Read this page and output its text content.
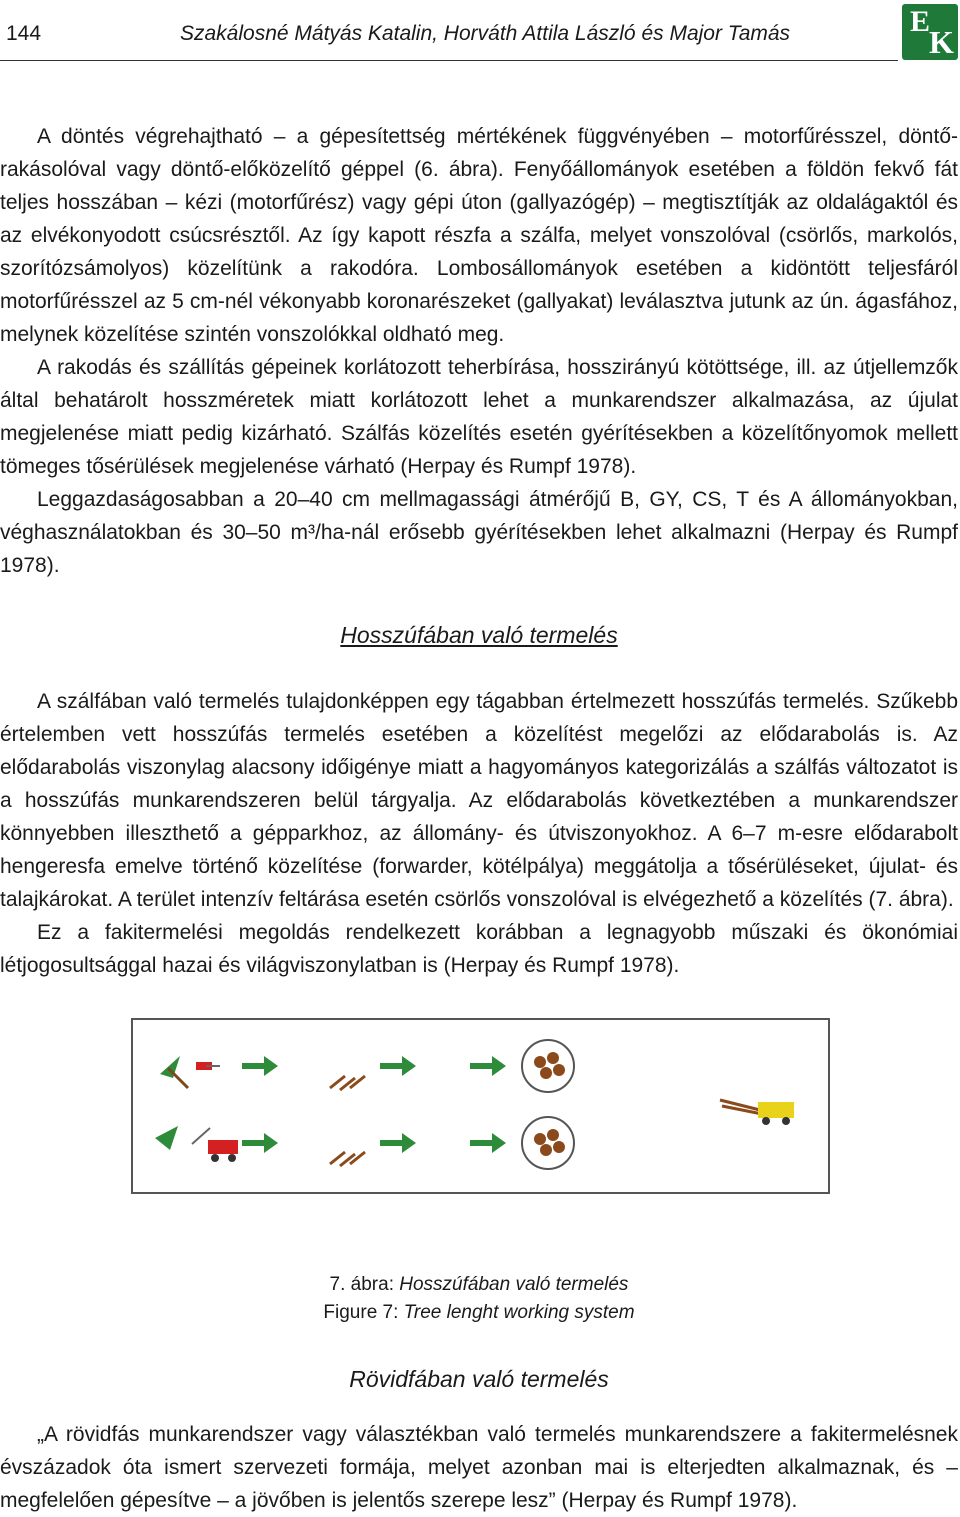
144	Szakálosné Mátyás Katalin, Horváth Attila László és Major Tamás	E
K

A döntés végrehajtható – a gépesítettség mértékének függvényében – motorfűrésszel, döntő-rakásolóval vagy döntő-előközelítő géppel (6. ábra). Fenyőállományok esetében a földön fekvő fát teljes hosszában – kézi (motorfűrész) vagy gépi úton (gallyazógép) – megtisztítják az oldalágaktól és az elvékonyodott csúcsrésztől. Az így kapott részfa a szálfa, melyet vonszolóval (csörlős, markolós, szorítózsámolyos) közelítünk a rakodóra. Lombosállományok esetében a kidöntött teljesfáról motorfűrésszel az 5 cm-nél vékonyabb koronarészeket (gallyakat) leválasztva jutunk az ún. ágasfához, melynek közelítése szintén vonszolókkal oldható meg.

A rakodás és szállítás gépeinek korlátozott teherbírása, hosszirányú kötöttsége, ill. az útjellemzők által behatárolt hosszméretek miatt korlátozott lehet a munkarendszer alkalmazása, az újulat megjelenése miatt pedig kizárható. Szálfás közelítés esetén gyérítésekben a közelítőnyomok mellett tömeges tősérülések megjelenése várható (Herpay és Rumpf 1978).

Leggazdaságosabban a 20–40 cm mellmagassági átmérőjű B, GY, CS, T és A állományokban, véghasználatokban és 30–50 m³/ha-nál erősebb gyérítésekben lehet alkalmazni (Herpay és Rumpf 1978).

Hosszúfában való termelés

A szálfában való termelés tulajdonképpen egy tágabban értelmezett hosszúfás termelés. Szűkebb értelemben vett hosszúfás termelés esetében a közelítést megelőzi az elődarabolás is. Az elődarabolás viszonylag alacsony időigénye miatt a hagyományos kategorizálás a szálfás változatot is a hosszúfás munkarendszeren belül tárgyalja. Az elődarabolás következtében a munkarendszer könnyebben illeszthető a gépparkhoz, az állomány- és útviszonyokhoz. A 6–7 m-esre elődarabolt hengeresfa emelve történő közelítése (forwarder, kötélpálya) meggátolja a tősérüléseket, újulat- és talajkárokat. A terület intenzív feltárása esetén csörlős vonszolóval is elvégezhető a közelítés (7. ábra).

Ez a fakitermelési megoldás rendelkezett korábban a legnagyobb műszaki és ökonómiai létjogosultsággal hazai és világviszonylatban is (Herpay és Rumpf 1978).

7. ábra: Hosszúfában való termelés
Figure 7: Tree lenght working system
Rövidfában való termelés

„A rövidfás munkarendszer vagy választékban való termelés munkarendszere a fakitermelésnek évszázadok óta ismert szervezeti formája, melyet azonban mai is elterjedten alkalmaznak, és – megfelelően gépesítve – a jövőben is jelentős szerepe lesz” (Herpay és Rumpf 1978).
